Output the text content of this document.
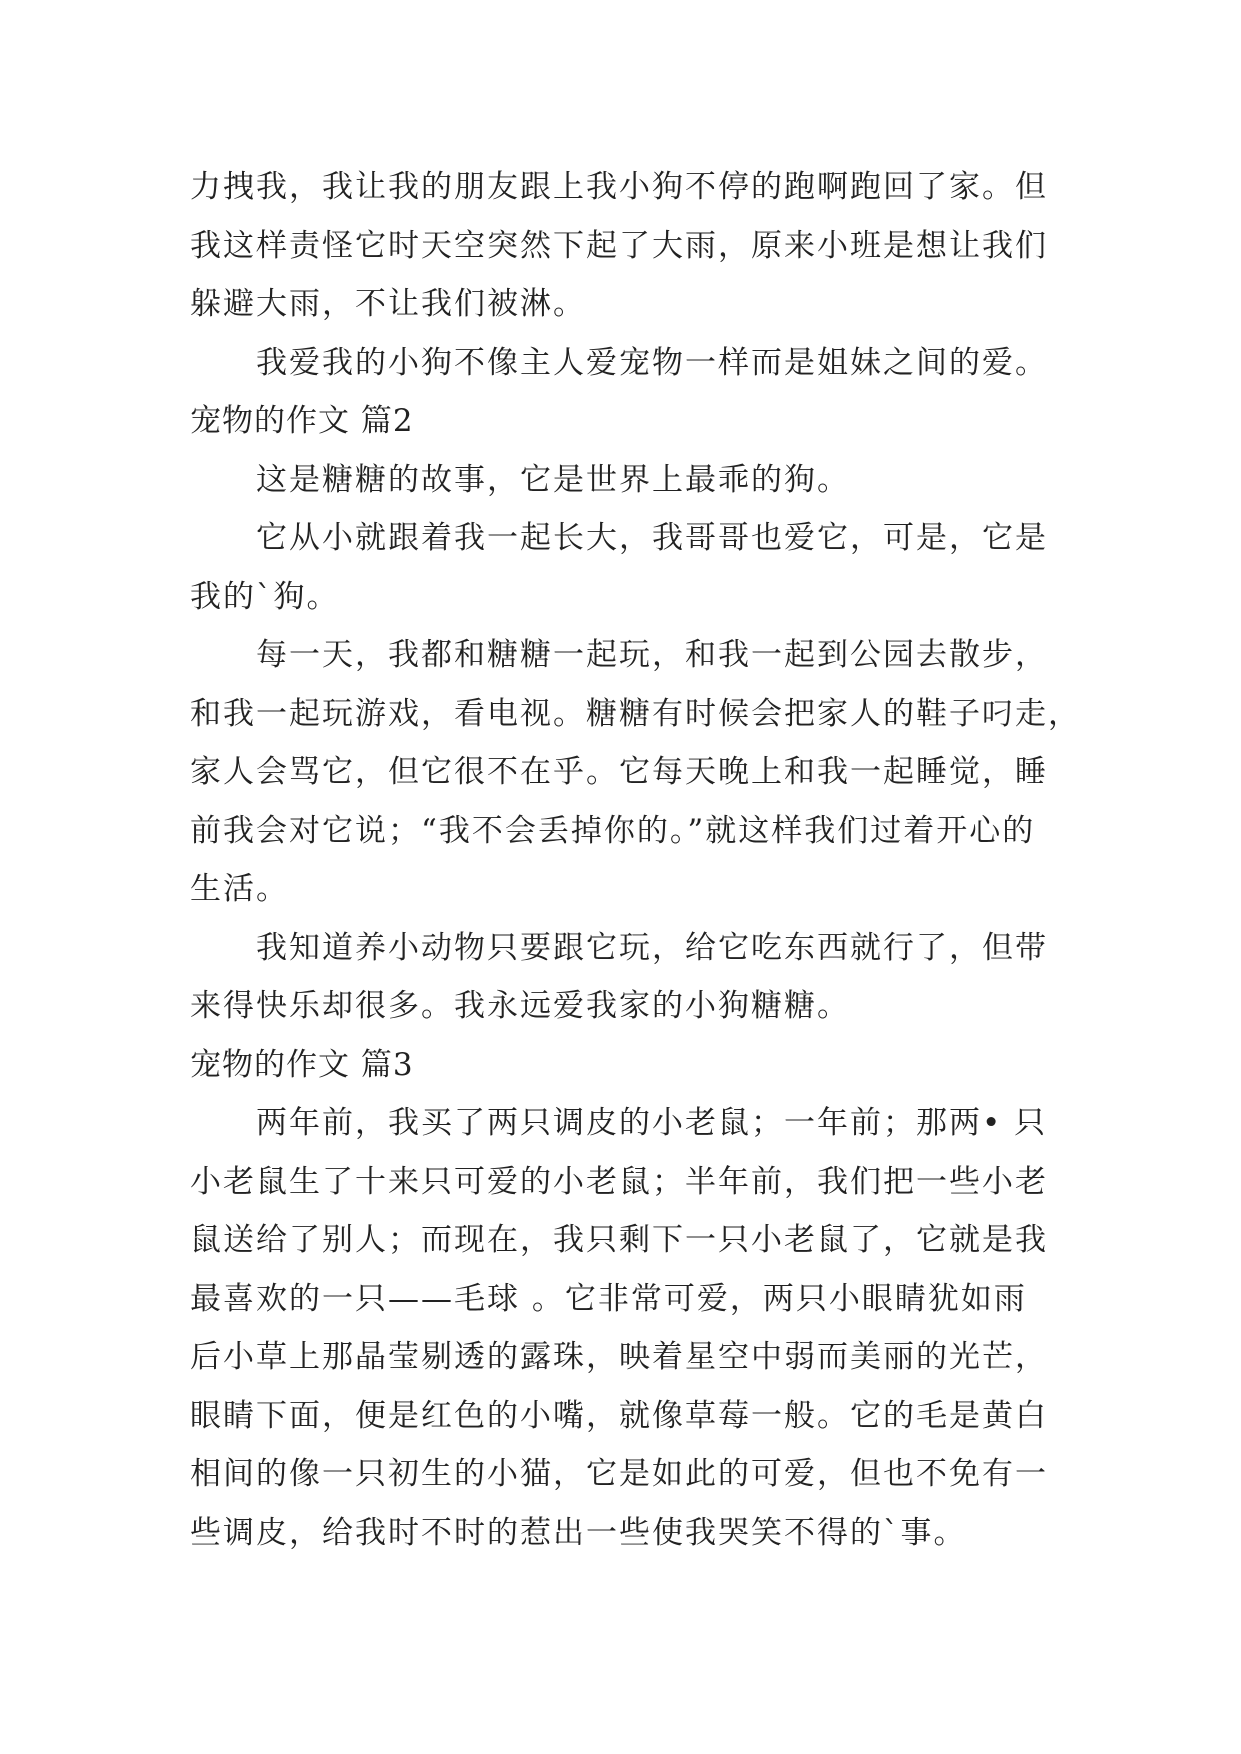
力拽我，我让我的朋友跟上我小狗不停的跑啊跑回了家。但
我这样责怪它时天空突然下起了大雨，原来小班是想让我们
躲避大雨，不让我们被淋。
我爱我的小狗不像主人爱宠物一样而是姐妹之间的爱。
宠物的作文 篇2
这是糖糖的故事，它是世界上最乖的狗。
它从小就跟着我一起长大，我哥哥也爱它，可是，它是
我的`狗。
每一天，我都和糖糖一起玩，和我一起到公园去散步，
和我一起玩游戏，看电视。糖糖有时候会把家人的鞋子叼走，
家人会骂它，但它很不在乎。它每天晚上和我一起睡觉，睡
前我会对它说；“我不会丢掉你的。”就这样我们过着开心的
生活。
我知道养小动物只要跟它玩，给它吃东西就行了，但带
来得快乐却很多。我永远爱我家的小狗糖糖。
宠物的作文 篇3
两年前，我买了两只调皮的小老鼠；一年前；那两• 只
小老鼠生了十来只可爱的小老鼠；半年前，我们把一些小老
鼠送给了别人；而现在，我只剩下一只小老鼠了，它就是我
最喜欢的一只——毛球 。它非常可爱，两只小眼睛犹如雨
后小草上那晶莹剔透的露珠，映着星空中弱而美丽的光芒，
眼睛下面，便是红色的小嘴，就像草莓一般。它的毛是黄白
相间的像一只初生的小猫，它是如此的可爱，但也不免有一
些调皮，给我时不时的惹出一些使我哭笑不得的`事。
